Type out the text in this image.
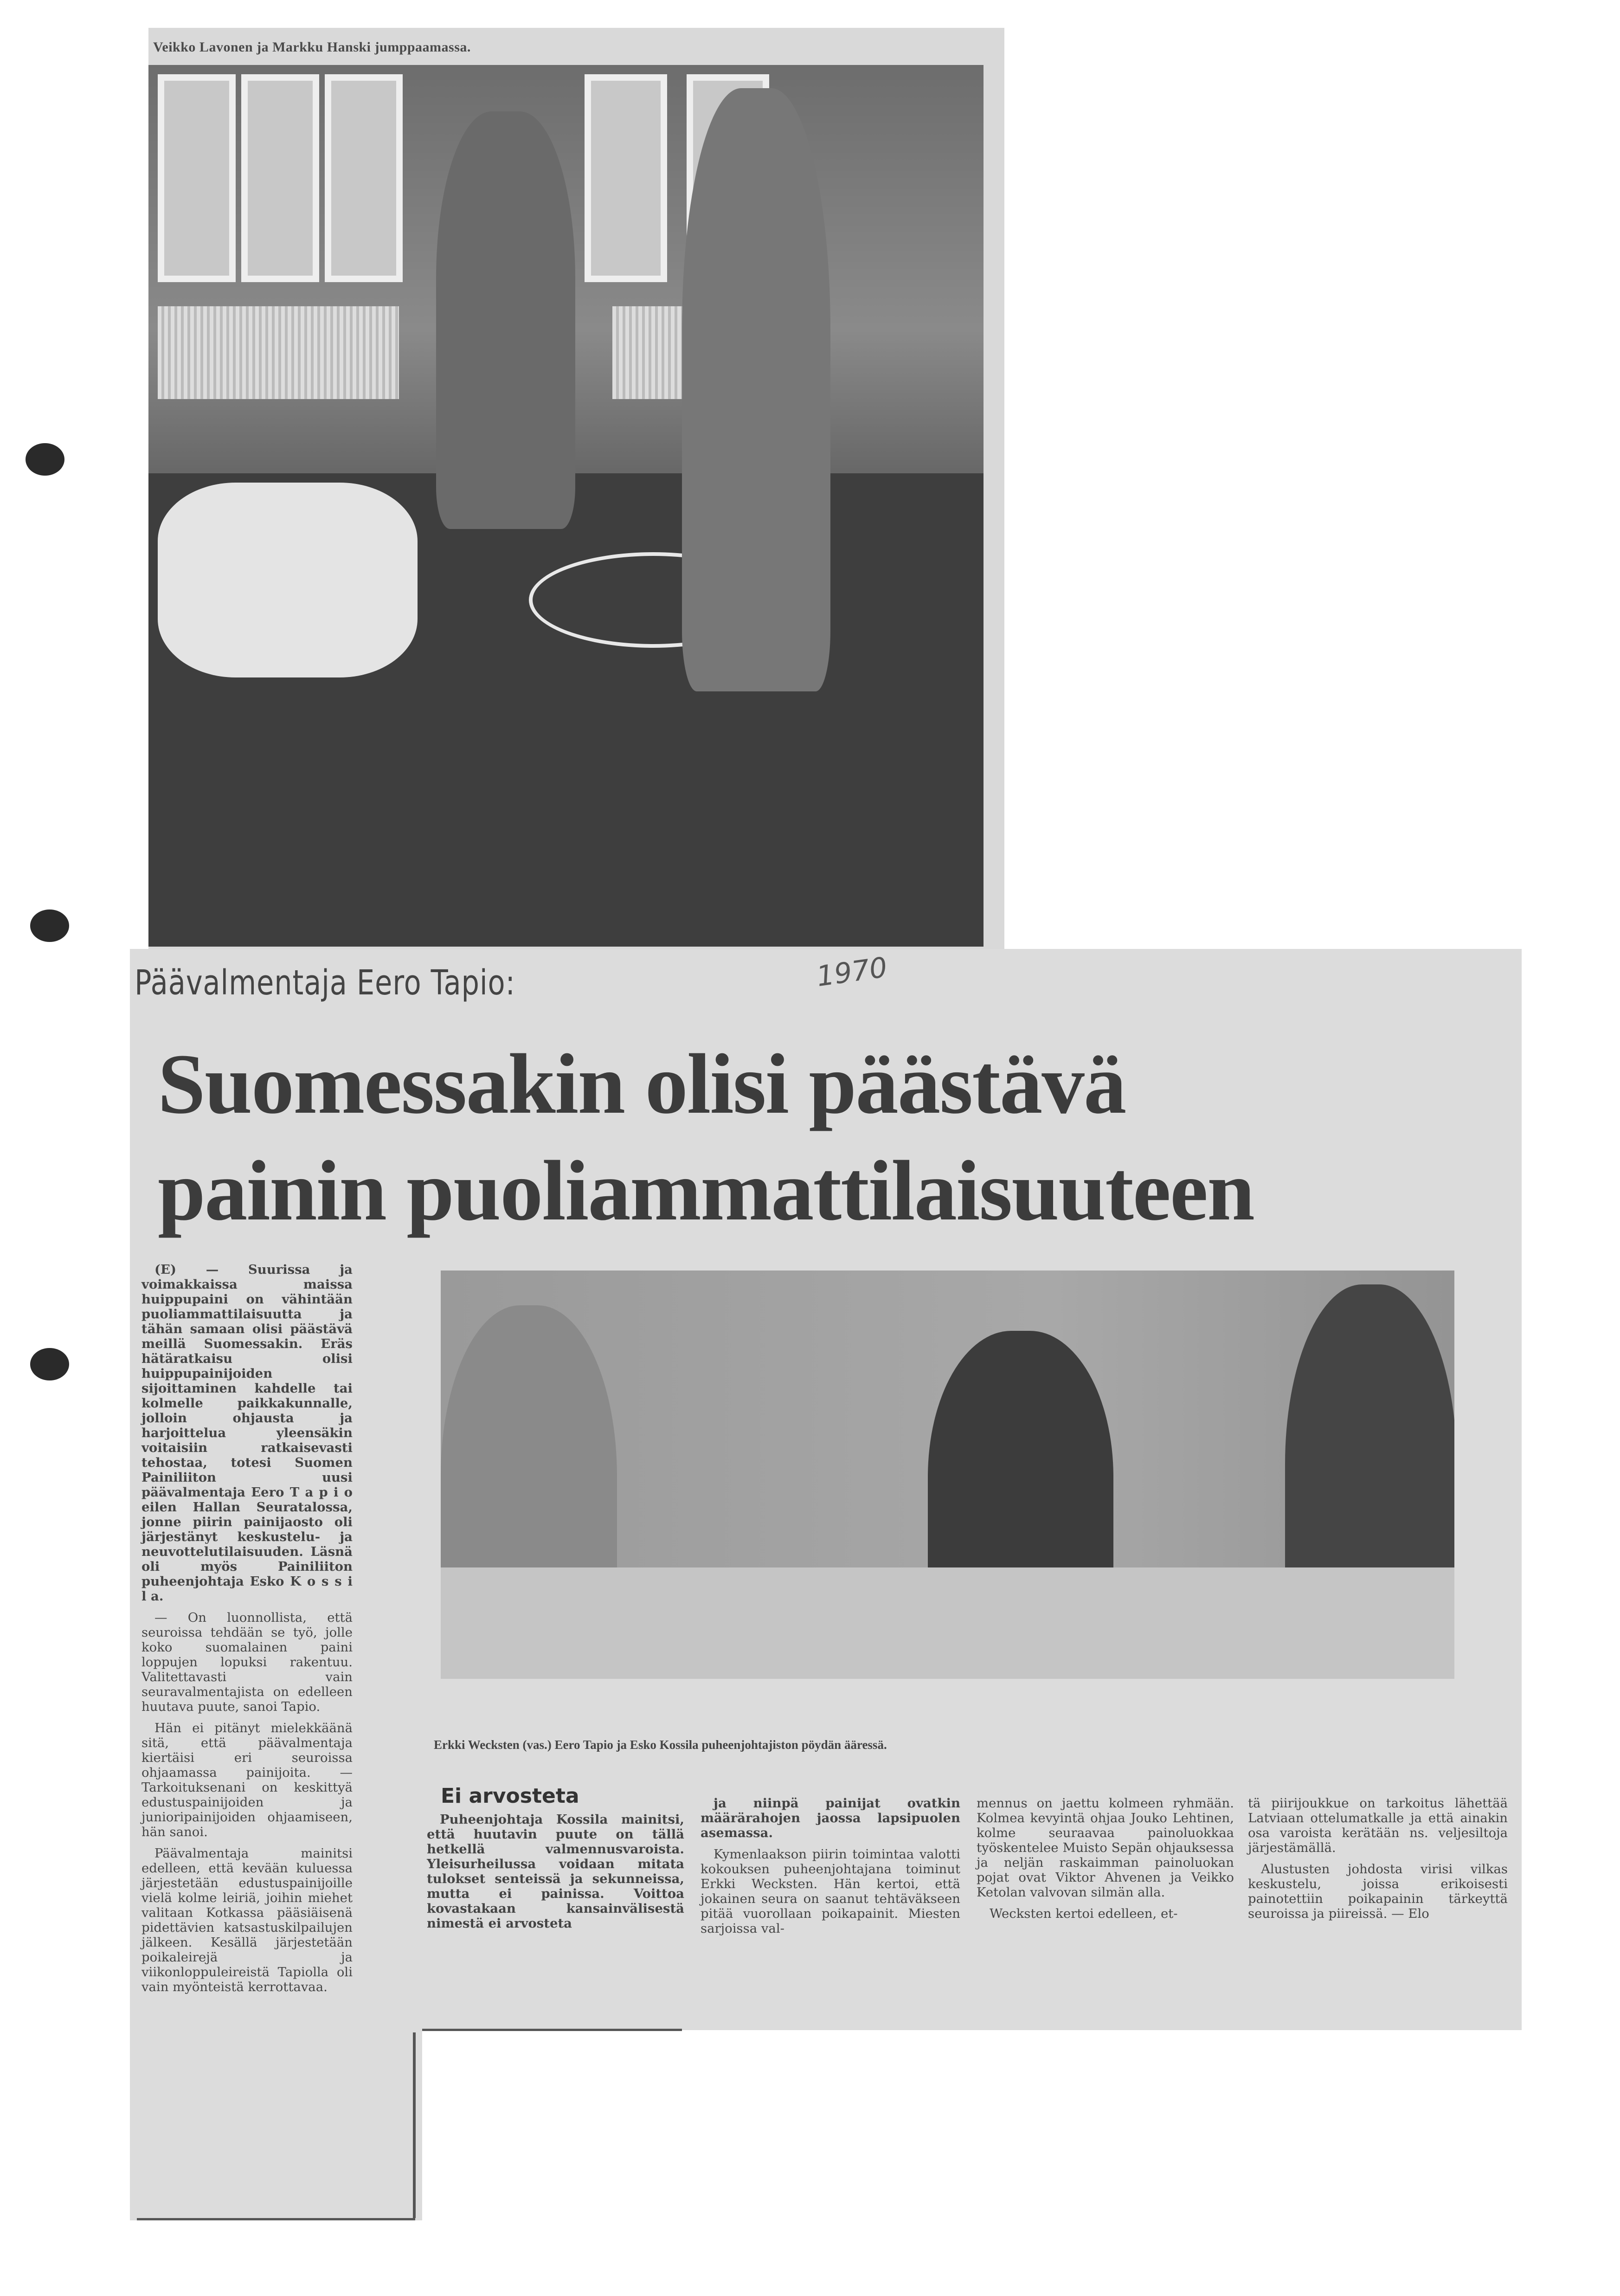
Veikko Lavonen ja Markku Hanski jumppaamassa.
Päävalmentaja Eero Tapio:	1970
Suomessakin olisi päästävä
painin puoliammattilaisuuteen
Erkki Wecksten (vas.) Eero Tapio ja Esko Kossila puheenjohtajiston pöydän ääressä.

(E) — Suurissa ja voimakkaissa maissa huippupaini on vähintään puoliammattilaisuutta ja tähän samaan olisi päästävä meillä Suomessakin. Eräs hätäratkaisu olisi huippupainijoiden sijoittaminen kahdelle tai kolmelle paikkakunnalle, jolloin ohjausta ja harjoittelua yleensäkin voitaisiin ratkaisevasti tehostaa, totesi Suomen Painiliiton uusi päävalmentaja Eero T a p i o eilen Hallan Seuratalossa, jonne piirin painijaosto oli järjestänyt keskustelu- ja neuvottelutilaisuuden. Läsnä oli myös Painiliiton puheenjohtaja Esko K o s s i l a.

— On luonnollista, että seuroissa tehdään se työ, jolle koko suomalainen paini loppujen lopuksi rakentuu. Valitettavasti vain seuravalmentajista on edelleen huutava puute, sanoi Tapio.

Hän ei pitänyt mielekkäänä sitä, että päävalmentaja kiertäisi eri seuroissa ohjaamassa painijoita. — Tarkoituksenani on keskittyä edustuspainijoiden ja junioripainijoiden ohjaamiseen, hän sanoi.

Päävalmentaja mainitsi edelleen, että kevään kuluessa järjestetään edustuspainijoille vielä kolme leiriä, joihin miehet valitaan Kotkassa pääsiäisenä pidettävien katsastuskilpailujen jälkeen. Kesällä järjestetään poikaleirejä ja viikonloppuleireistä Tapiolla oli vain myönteistä kerrottavaa.

Ei arvosteta

Puheenjohtaja Kossila mainitsi, että huutavin puute on tällä hetkellä valmennusvaroista. Yleisurheilussa voidaan mitata tulokset senteissä ja sekunneissa, mutta ei painissa. Voittoa kovastakaan kansainvälisestä nimestä ei arvosteta

ja niinpä painijat ovatkin määrärahojen jaossa lapsipuolen asemassa.

Kymenlaakson piirin toimintaa valotti kokouksen puheenjohtajana toiminut Erkki Wecksten. Hän kertoi, että jokainen seura on saanut tehtäväkseen pitää vuorollaan poikapainit. Miesten sarjoissa val-

mennus on jaettu kolmeen ryhmään. Kolmea kevyintä ohjaa Jouko Lehtinen, kolme seuraavaa painoluokkaa työskentelee Muisto Sepän ohjauksessa ja neljän raskaimman painoluokan pojat ovat Viktor Ahvenen ja Veikko Ketolan valvovan silmän alla.

Wecksten kertoi edelleen, et-

tä piirijoukkue on tarkoitus lähettää Latviaan ottelumatkalle ja että ainakin osa varoista kerätään ns. veljesiltoja järjestämällä.

Alustusten johdosta virisi vilkas keskustelu, joissa erikoisesti painotettiin poikapainin tärkeyttä seuroissa ja piireissä. — Elo
